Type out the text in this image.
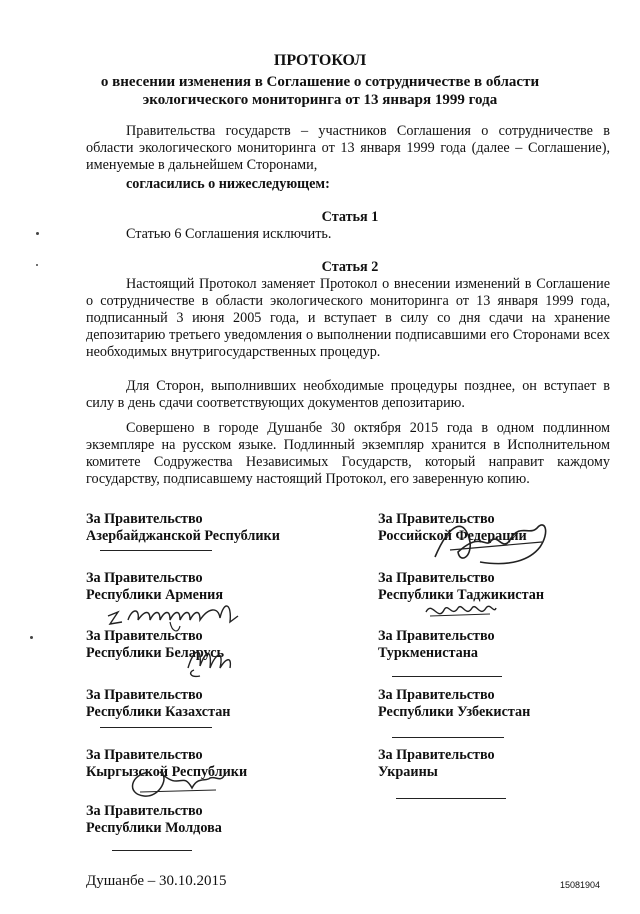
ПРОТОКОЛ
о внесении изменения в Соглашение о сотрудничестве в области
экологического мониторинга от 13 января 1999 года
Правительства государств – участников Соглашения о сотрудничестве в области экологического мониторинга от 13 января 1999 года (далее – Соглашение), именуемые в дальнейшем Сторонами,
согласились о нижеследующем:
Статья 1
Статью 6 Соглашения исключить.
Статья 2
Настоящий Протокол заменяет Протокол о внесении изменений в Соглашение о сотрудничестве в области экологического мониторинга от 13 января 1999 года, подписанный 3 июня 2005 года, и вступает в силу со дня сдачи на хранение депозитарию третьего уведомления о выполнении подписавшими его Сторонами всех необходимых внутригосударственных процедур.
Для Сторон, выполнивших необходимые процедуры позднее, он вступает в силу в день сдачи соответствующих документов депозитарию.
Совершено в городе Душанбе 30 октября 2015 года в одном подлинном экземпляре на русском языке. Подлинный экземпляр хранится в Исполнительном комитете Содружества Независимых Государств, который направит каждому государству, подписавшему настоящий Протокол, его заверенную копию.
За Правительство
Азербайджанской Республики
За Правительство
Республики Армения
За Правительство
Республики Беларусь
За Правительство
Республики Казахстан
За Правительство
Кыргызской Республики
За Правительство
Республики Молдова
За Правительство
Российской Федерации
За Правительство
Республики Таджикистан
За Правительство
Туркменистана
За Правительство
Республики Узбекистан
За Правительство
Украины
Душанбе – 30.10.2015	15081904
